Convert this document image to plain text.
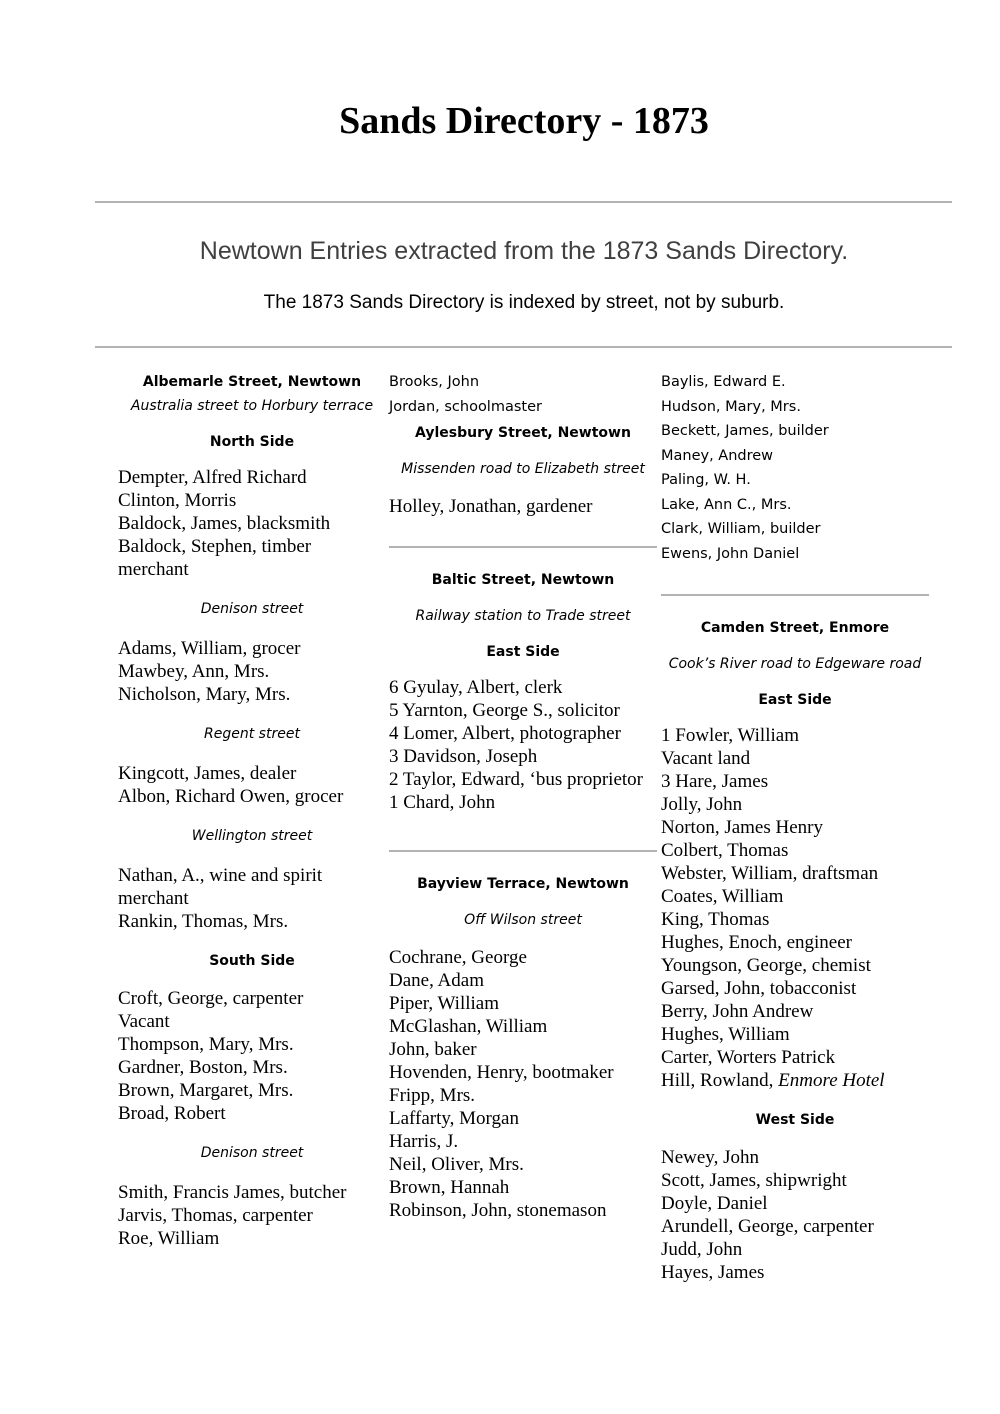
Sands Directory - 1873
Newtown Entries extracted from the 1873 Sands Directory.
The 1873 Sands Directory is indexed by street, not by suburb.

Albemarle Street, Newtown

Australia street to Horbury terrace

North Side

Dempter, Alfred Richard
Clinton, Morris
Baldock, James, blacksmith
Baldock, Stephen, timber merchant

Denison street

Adams, William, grocer
Mawbey, Ann, Mrs.
Nicholson, Mary, Mrs.

Regent street

Kingcott, James, dealer
Albon, Richard Owen, grocer

Wellington street

Nathan, A., wine and spirit merchant
Rankin, Thomas, Mrs.

South Side

Croft, George, carpenter
Vacant
Thompson, Mary, Mrs.
Gardner, Boston, Mrs.
Brown, Margaret, Mrs.
Broad, Robert

Denison street

Smith, Francis James, butcher
Jarvis, Thomas, carpenter
Roe, William
Brooks, John
Jordan, schoolmaster

Aylesbury Street, Newtown

Missenden road to Elizabeth street

Holley, Jonathan, gardener

Baltic Street, Newtown

Railway station to Trade street

East Side

6 Gyulay, Albert, clerk
5 Yarnton, George S., solicitor
4 Lomer, Albert, photographer
3 Davidson, Joseph
2 Taylor, Edward, ‘bus proprietor
1 Chard, John

Bayview Terrace, Newtown

Off Wilson street

Cochrane, George
Dane, Adam
Piper, William
McGlashan, William
John, baker
Hovenden, Henry, bootmaker
Fripp, Mrs.
Laffarty, Morgan
Harris, J.
Neil, Oliver, Mrs.
Brown, Hannah
Robinson, John, stonemason
Baylis, Edward E.
Hudson, Mary, Mrs.
Beckett, James, builder
Maney, Andrew
Paling, W. H.
Lake, Ann C., Mrs.
Clark, William, builder
Ewens, John Daniel

Camden Street, Enmore

Cook’s River road to Edgeware road

East Side

1 Fowler, William
Vacant land
3 Hare, James
Jolly, John
Norton, James Henry
Colbert, Thomas
Webster, William, draftsman
Coates, William
King, Thomas
Hughes, Enoch, engineer
Youngson, George, chemist
Garsed, John, tobacconist
Berry, John Andrew
Hughes, William
Carter, Worters Patrick
Hill, Rowland, Enmore Hotel

West Side

Newey, John
Scott, James, shipwright
Doyle, Daniel
Arundell, George, carpenter
Judd, John
Hayes, James
